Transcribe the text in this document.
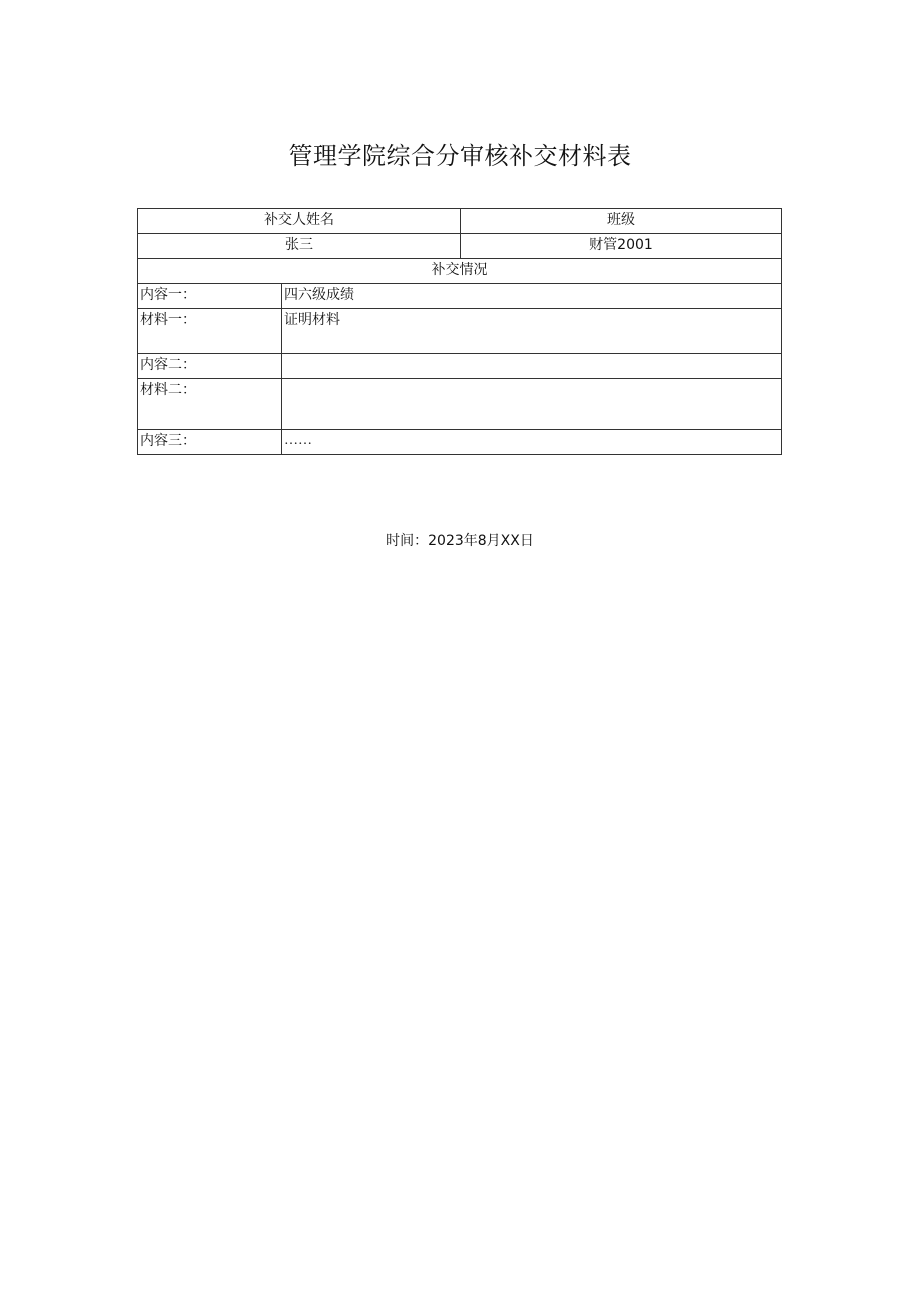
管理学院综合分审核补交材料表
补交人姓名		班级
张三		财管2001
补交情况		
内容一：	四六级成绩	
材料一：	证明材料	
内容二：		
材料二：		
内容三：	……	
时间：2023年8月XX日
